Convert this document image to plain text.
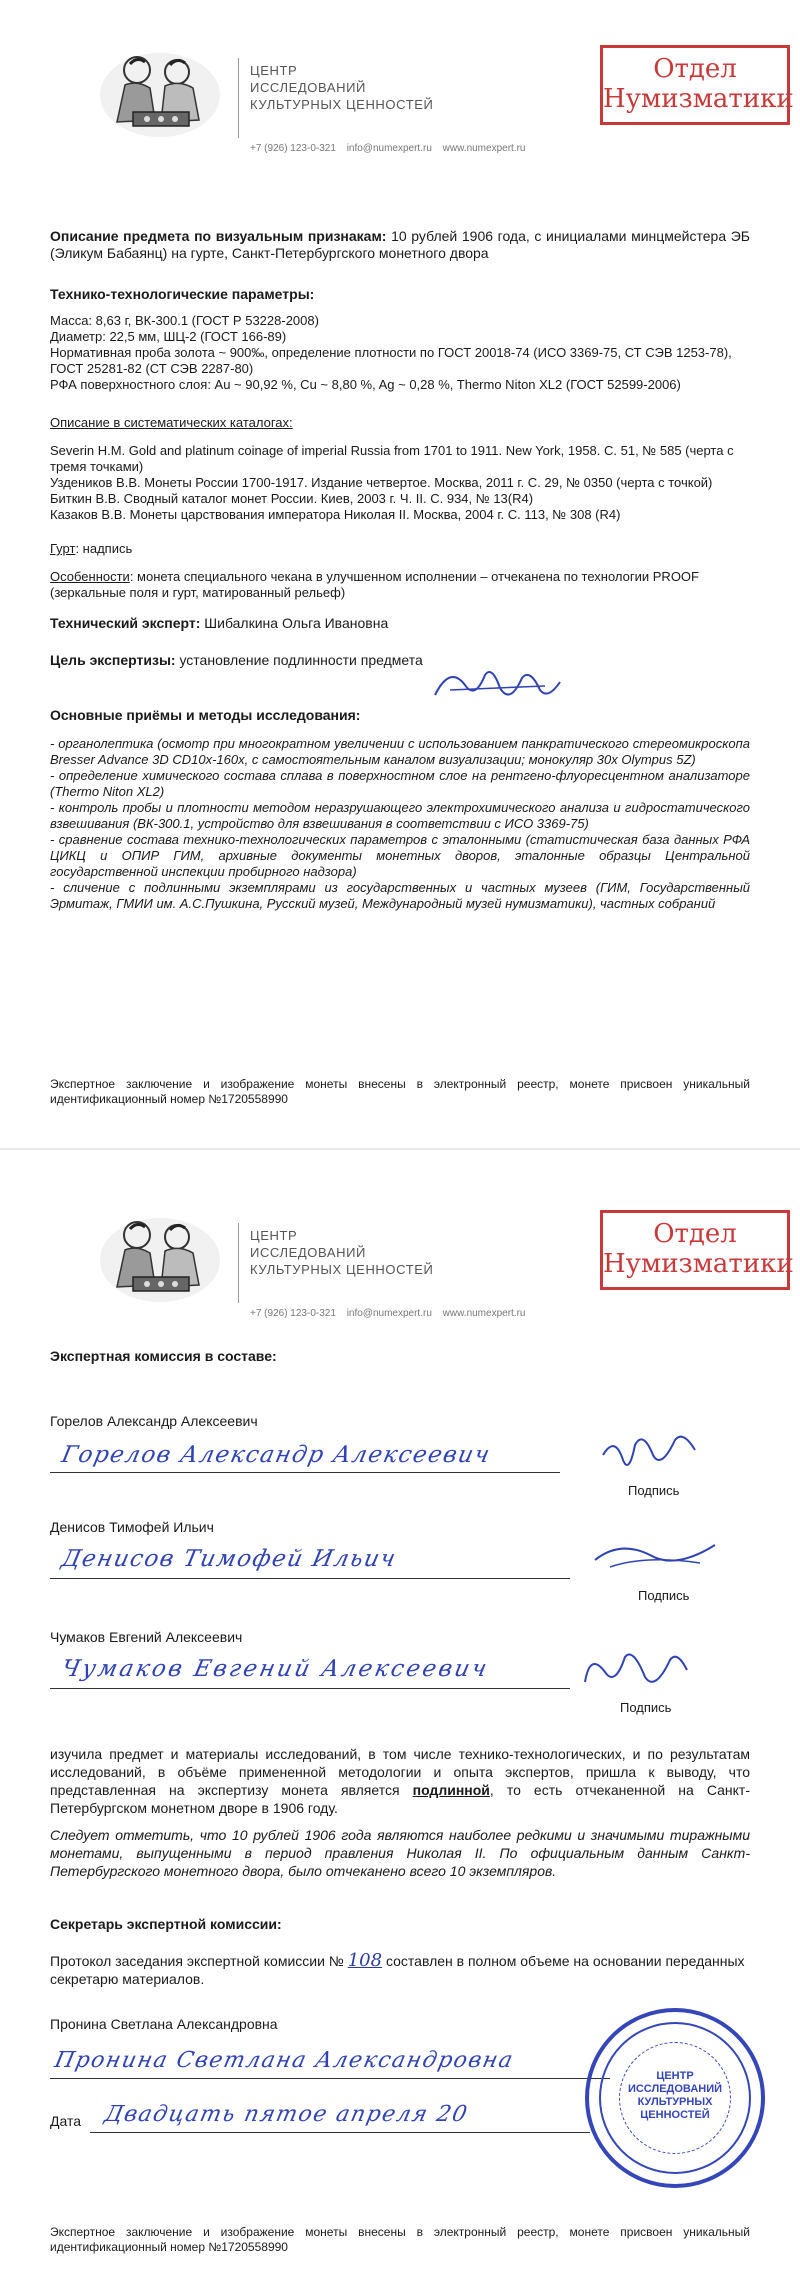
ЦЕНТР
ИССЛЕДОВАНИЙ
КУЛЬТУРНЫХ ЦЕННОСТЕЙ
+7 (926) 123-0-321 info@numexpert.ru www.numexpert.ru
Отдел
Нумизматики

Описание предмета по визуальным признакам: 10 рублей 1906 года, с инициалами минцмейстера ЭБ (Эликум Бабаянц) на гурте, Санкт-Петербургского монетного двора

Технико-технологические параметры:

Масса: 8,63 г, ВК-300.1 (ГОСТ Р 53228-2008)

Диаметр: 22,5 мм, ШЦ-2 (ГОСТ 166-89)

Нормативная проба золота ~ 900‰, определение плотности по ГОСТ 20018-74 (ИСО 3369-75, СТ СЭВ 1253-78), ГОСТ 25281-82 (СТ СЭВ 2287-80)

РФА поверхностного слоя: Au ~ 90,92 %, Cu ~ 8,80 %, Ag ~ 0,28 %, Thermo Niton XL2 (ГОСТ 52599-2006)

Описание в систематических каталогах:

Severin H.M. Gold and platinum coinage of imperial Russia from 1701 to 1911. New York, 1958. С. 51, № 585 (черта с тремя точками)

Уздеников В.В. Монеты России 1700-1917. Издание четвертое. Москва, 2011 г. С. 29, № 0350 (черта с точкой)

Биткин В.В. Сводный каталог монет России. Киев, 2003 г. Ч. II. С. 934, № 13(R4)

Казаков В.В. Монеты царствования императора Николая II. Москва, 2004 г. С. 113, № 308 (R4)

Гурт: надпись

Особенности: монета специального чекана в улучшенном исполнении – отчеканена по технологии PROOF (зеркальные поля и гурт, матированный рельеф)

Технический эксперт: Шибалкина Ольга Ивановна

Цель экспертизы: установление подлинности предмета

Основные приёмы и методы исследования:

- органолептика (осмотр при многократном увеличении с использованием панкратического стереомикроскопа Bresser Advance 3D CD10x-160x, с самостоятельным каналом визуализации; монокуляр 30x Olympus 5Z)

- определение химического состава сплава в поверхностном слое на рентгено-флуоресцентном анализаторе (Thermo Niton XL2)

- контроль пробы и плотности методом неразрушающего электрохимического анализа и гидростатического взвешивания (ВК-300.1, устройство для взвешивания в соответствии с ИСО 3369-75)

- сравнение состава технико-технологических параметров с эталонными (статистическая база данных РФА ЦИКЦ и ОПИР ГИМ, архивные документы монетных дворов, эталонные образцы Центральной государственной инспекции пробирного надзора)

- сличение с подлинными экземплярами из государственных и частных музеев (ГИМ, Государственный Эрмитаж, ГМИИ им. А.С.Пушкина, Русский музей, Международный музей нумизматики), частных собраний

Экспертное заключение и изображение монеты внесены в электронный реестр, монете присвоен уникальный идентификационный номер №1720558990
ЦЕНТР
ИССЛЕДОВАНИЙ
КУЛЬТУРНЫХ ЦЕННОСТЕЙ
+7 (926) 123-0-321 info@numexpert.ru www.numexpert.ru
Отдел
Нумизматики
Экспертная комиссия в составе:
Горелов Александр Алексеевич
Горелов Александр Алексеевич
Подпись
Денисов Тимофей Ильич
Денисов Тимофей Ильич
Подпись
Чумаков Евгений Алексеевич
Чумаков Евгений Алексеевич
Подпись
изучила предмет и материалы исследований, в том числе технико-технологических, и по результатам исследований, в объёме примененной методологии и опыта экспертов, пришла к выводу, что представленная на экспертизу монета является подлинной, то есть отчеканенной на Санкт-Петербургском монетном дворе в 1906 году.
Следует отметить, что 10 рублей 1906 года являются наиболее редкими и значимыми тиражными монетами, выпущенными в период правления Николая II. По официальным данным Санкт-Петербургского монетного двора, было отчеканено всего 10 экземпляров.
Секретарь экспертной комиссии:
Протокол заседания экспертной комиссии № 108 составлен в полном объеме на основании переданных секретарю материалов.
Пронина Светлана Александровна
Пронина Светлана Александровна
Дата Двадцать пятое апреля 20
ЦЕНТР
ИССЛЕДОВАНИЙ
КУЛЬТУРНЫХ
ЦЕННОСТЕЙ
Экспертное заключение и изображение монеты внесены в электронный реестр, монете присвоен уникальный идентификационный номер №1720558990
